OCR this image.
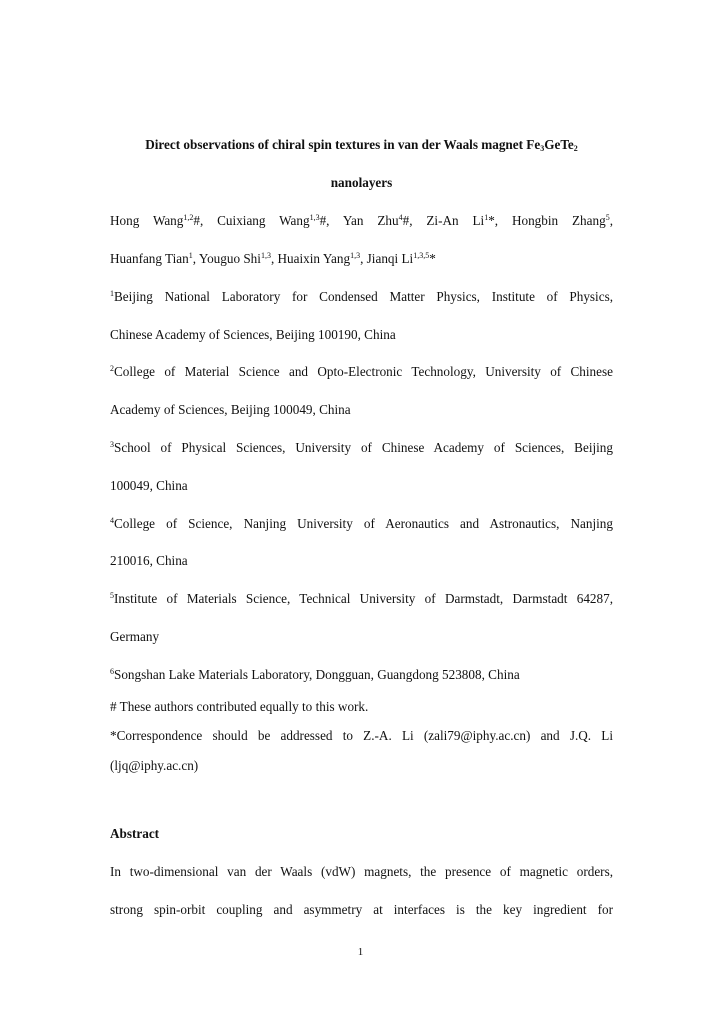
Direct observations of chiral spin textures in van der Waals magnet $Fe_3GeTe_2$
nanolayers
Hong Wang$^{1,2}$#, Cuixiang Wang$^{1,3}$#, Yan Zhu$^4$#, Zi-An Li$^1$*, Hongbin Zhang$^5$,
Huanfang Tian$^1$, Youguo Shi$^{1,3}$, Huaixin Yang$^{1,3}$, Jianqi Li$^{1,3,5}$*
$^1$Beijing National Laboratory for Condensed Matter Physics, Institute of Physics,
Chinese Academy of Sciences, Beijing 100190, China
$^2$College of Material Science and Opto-Electronic Technology, University of Chinese
Academy of Sciences, Beijing 100049, China
$^3$School of Physical Sciences, University of Chinese Academy of Sciences, Beijing
100049, China
$^4$College of Science, Nanjing University of Aeronautics and Astronautics, Nanjing
210016, China
$^5$Institute of Materials Science, Technical University of Darmstadt, Darmstadt 64287,
Germany
$^6$Songshan Lake Materials Laboratory, Dongguan, Guangdong 523808, China
# These authors contributed equally to this work.
*Correspondence should be addressed to Z.-A. Li (zali79@iphy.ac.cn) and J.Q. Li
(ljq@iphy.ac.cn)
Abstract
In two-dimensional van der Waals (vdW) magnets, the presence of magnetic orders,
strong spin-orbit coupling and asymmetry at interfaces is the key ingredient for
1
